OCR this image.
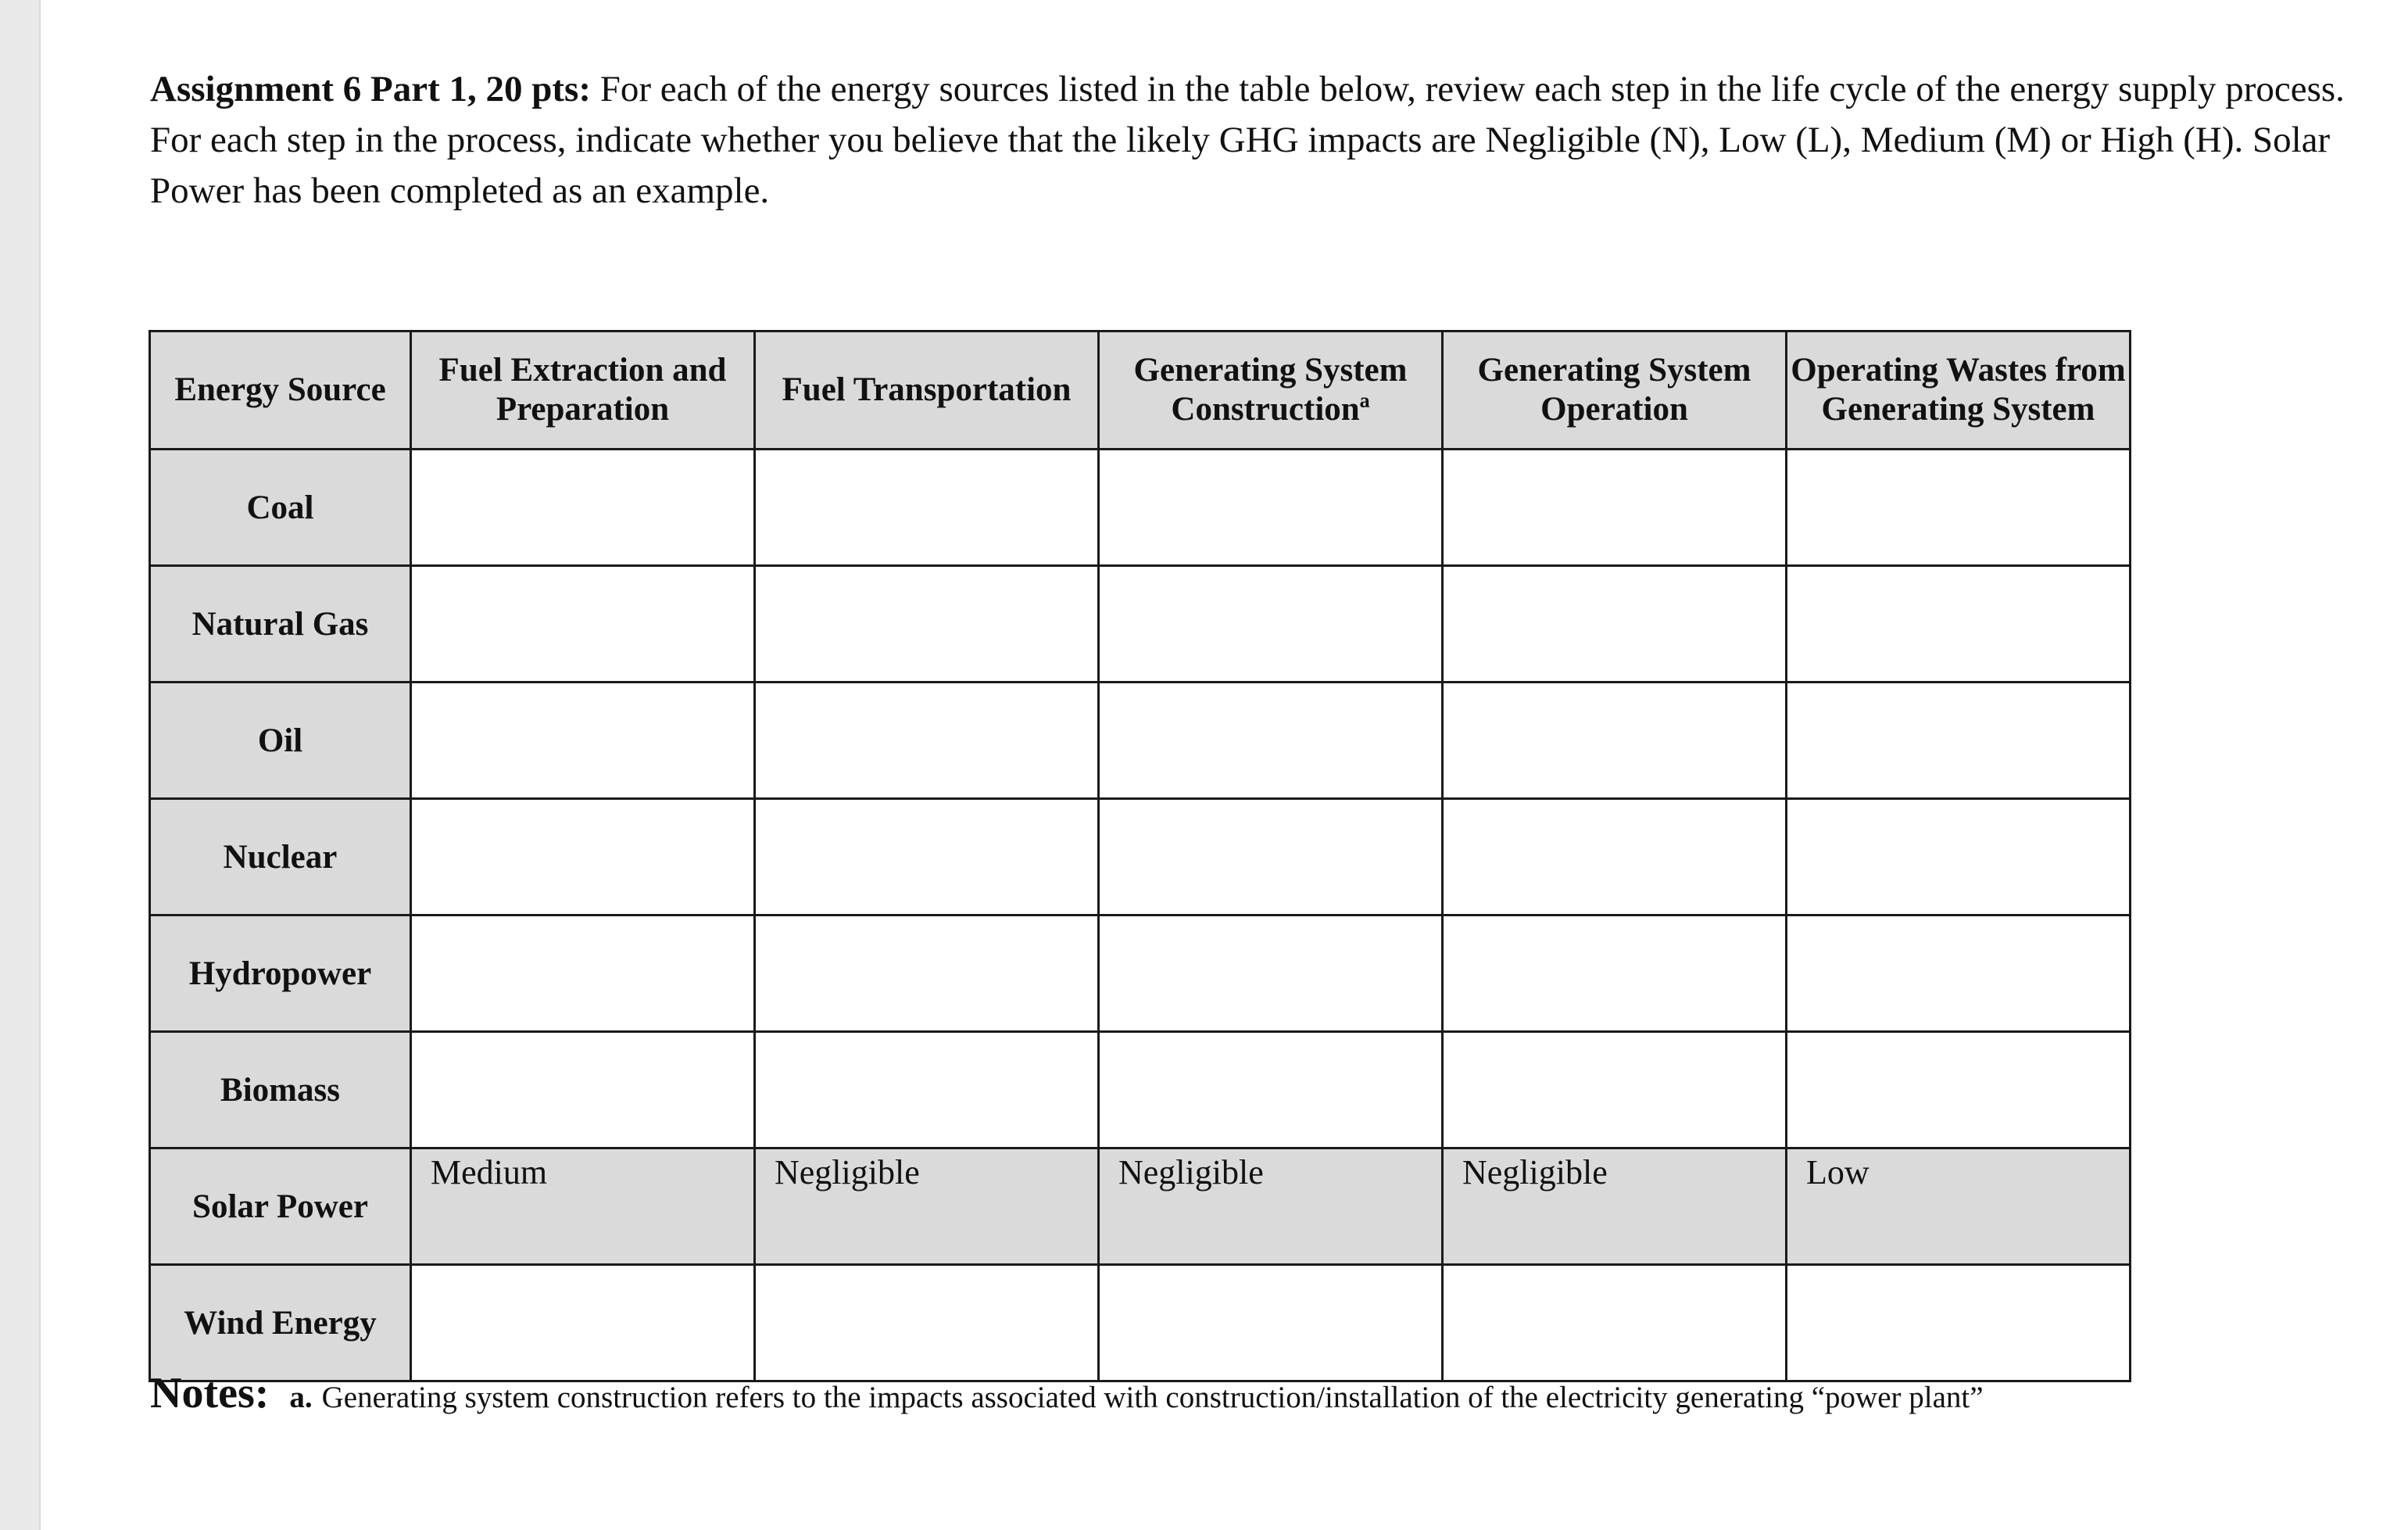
Assignment 6 Part 1, 20 pts: For each of the energy sources listed in the table below, review each step in the life cycle of the energy supply process. For each step in the process, indicate whether you believe that the likely GHG impacts are Negligible (N), Low (L), Medium (M) or High (H). Solar Power has been completed as an example.

Energy Source	Fuel Extraction and Preparation	Fuel Transportation	Generating System Constructionª	Generating System Operation	Operating Wastes from Generating System
Coal					
Natural Gas					
Oil					
Nuclear					
Hydropower					
Biomass					
Solar Power	Medium	Negligible	Negligible	Negligible	Low
Wind Energy					
Notes: a. Generating system construction refers to the impacts associated with construction/installation of the electricity generating “power plant”
